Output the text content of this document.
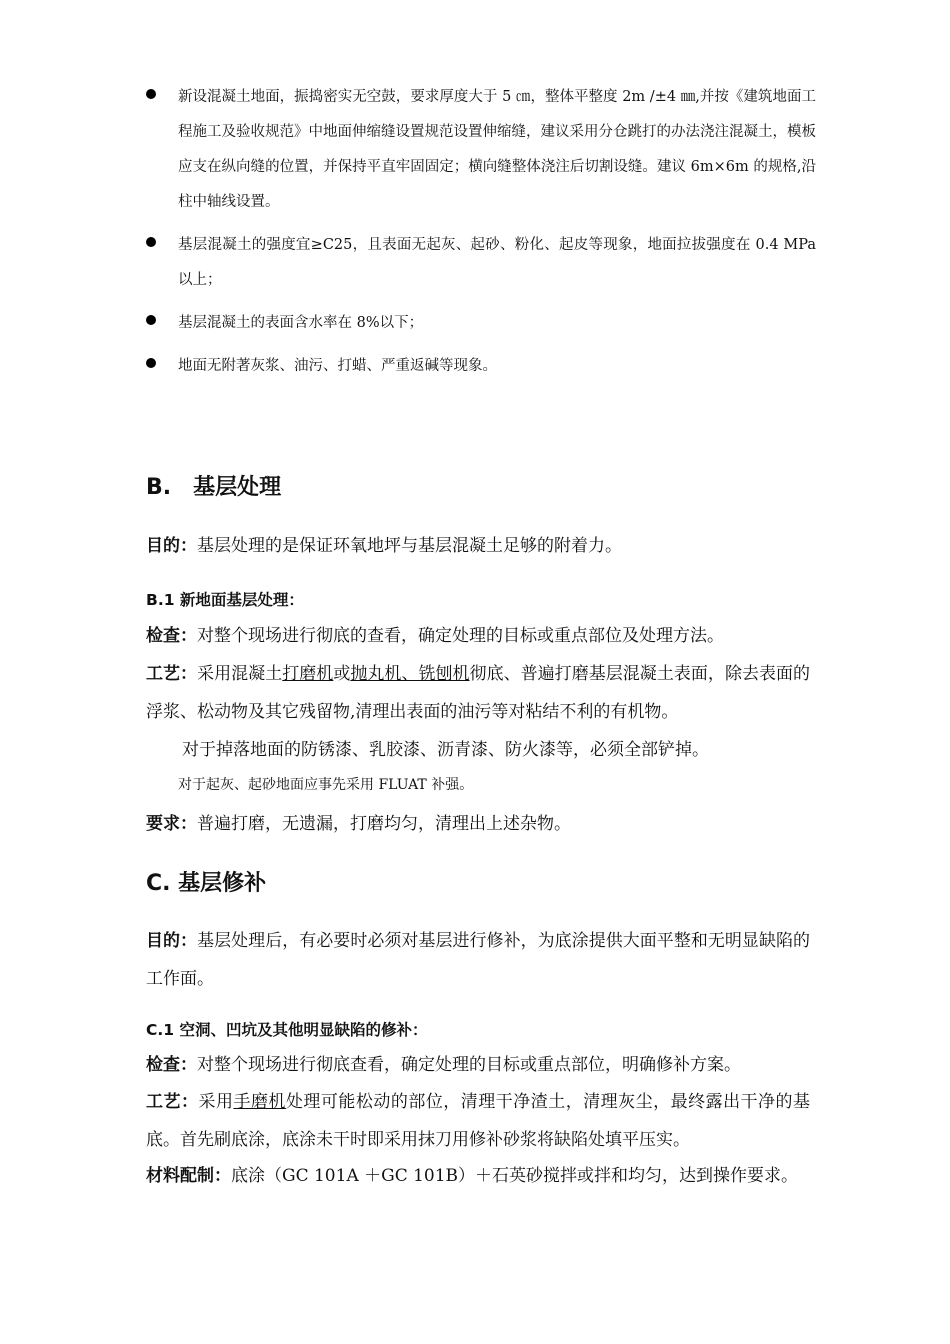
新设混凝土地面，振捣密实无空鼓，要求厚度大于 5 ㎝，整体平整度 2m /±4 ㎜,并按《建筑地面工程施工及验收规范》中地面伸缩缝设置规范设置伸缩缝，建议采用分仓跳打的办法浇注混凝土，模板应支在纵向缝的位置，并保持平直牢固固定；横向缝整体浇注后切割设缝。建议 6m×6m 的规格,沿柱中轴线设置。
基层混凝土的强度宜≥C25，且表面无起灰、起砂、粉化、起皮等现象，地面拉拔强度在 0.4 MPa 以上；
基层混凝土的表面含水率在 8%以下；
地面无附著灰浆、油污、打蜡、严重返碱等现象。
B.　基层处理
目的：基层处理的是保证环氧地坪与基层混凝土足够的附着力。
B.1 新地面基层处理：
检查：对整个现场进行彻底的查看，确定处理的目标或重点部位及处理方法。
工艺：采用混凝土打磨机或抛丸机、铣刨机彻底、普遍打磨基层混凝土表面，除去表面的浮浆、松动物及其它残留物,清理出表面的油污等对粘结不利的有机物。
对于掉落地面的防锈漆、乳胶漆、沥青漆、防火漆等，必须全部铲掉。
对于起灰、起砂地面应事先采用 FLUAT 补强。
要求：普遍打磨，无遗漏，打磨均匀，清理出上述杂物。
C. 基层修补
目的：基层处理后，有必要时必须对基层进行修补，为底涂提供大面平整和无明显缺陷的工作面。
C.1 空洞、凹坑及其他明显缺陷的修补：
检查：对整个现场进行彻底查看，确定处理的目标或重点部位，明确修补方案。
工艺：采用手磨机处理可能松动的部位，清理干净渣土，清理灰尘，最终露出干净的基底。首先刷底涂，底涂未干时即采用抹刀用修补砂浆将缺陷处填平压实。
材料配制：底涂（GC 101A ＋GC 101B）＋石英砂搅拌或拌和均匀，达到操作要求。
